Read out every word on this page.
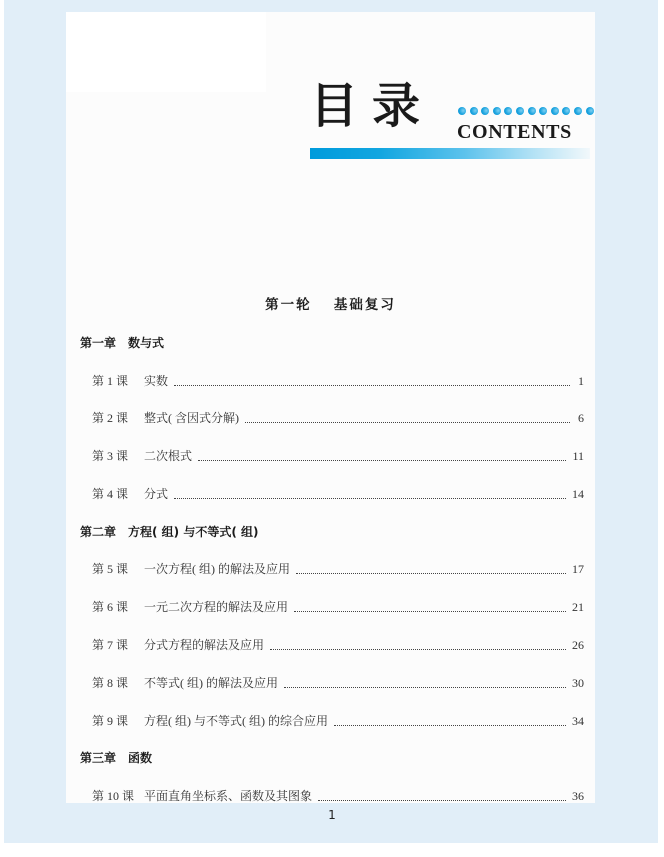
目录 CONTENTS
第一轮　 基础复习
第一章　数与式
第 1 课	实数	1
第 2 课	整式( 含因式分解)	6
第 3 课	二次根式	11
第 4 课	分式	14
第二章　方程( 组) 与不等式( 组)
第 5 课	一次方程( 组) 的解法及应用	17
第 6 课	一元二次方程的解法及应用	21
第 7 课	分式方程的解法及应用	26
第 8 课	不等式( 组) 的解法及应用	30
第 9 课	方程( 组) 与不等式( 组) 的综合应用	34
第三章　函数
第 10 课 平面直角坐标系、函数及其图象	36
1
